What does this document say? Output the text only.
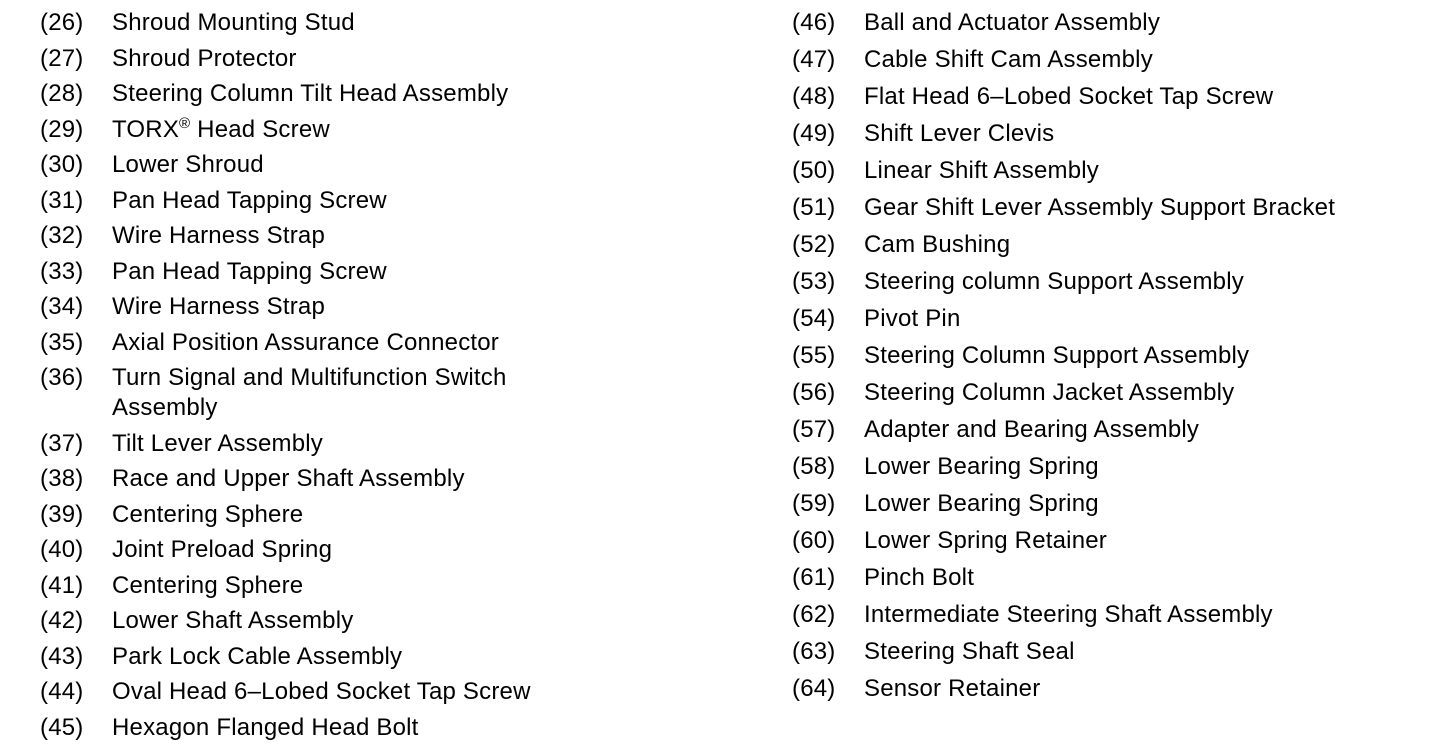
(26)	Shroud Mounting Stud
(27)	Shroud Protector
(28)	Steering Column Tilt Head Assembly
(29)	TORX® Head Screw
(30)	Lower Shroud
(31)	Pan Head Tapping Screw
(32)	Wire Harness Strap
(33)	Pan Head Tapping Screw
(34)	Wire Harness Strap
(35)	Axial Position Assurance Connector
(36)	Turn Signal and Multifunction Switch Assembly
(37)	Tilt Lever Assembly
(38)	Race and Upper Shaft Assembly
(39)	Centering Sphere
(40)	Joint Preload Spring
(41)	Centering Sphere
(42)	Lower Shaft Assembly
(43)	Park Lock Cable Assembly
(44)	Oval Head 6–Lobed Socket Tap Screw
(45)	Hexagon Flanged Head Bolt
(46)	Ball and Actuator Assembly
(47)	Cable Shift Cam Assembly
(48)	Flat Head 6–Lobed Socket Tap Screw
(49)	Shift Lever Clevis
(50)	Linear Shift Assembly
(51)	Gear Shift Lever Assembly Support Bracket
(52)	Cam Bushing
(53)	Steering column Support Assembly
(54)	Pivot Pin
(55)	Steering Column Support Assembly
(56)	Steering Column Jacket Assembly
(57)	Adapter and Bearing Assembly
(58)	Lower Bearing Spring
(59)	Lower Bearing Spring
(60)	Lower Spring Retainer
(61)	Pinch Bolt
(62)	Intermediate Steering Shaft Assembly
(63)	Steering Shaft Seal
(64)	Sensor Retainer
